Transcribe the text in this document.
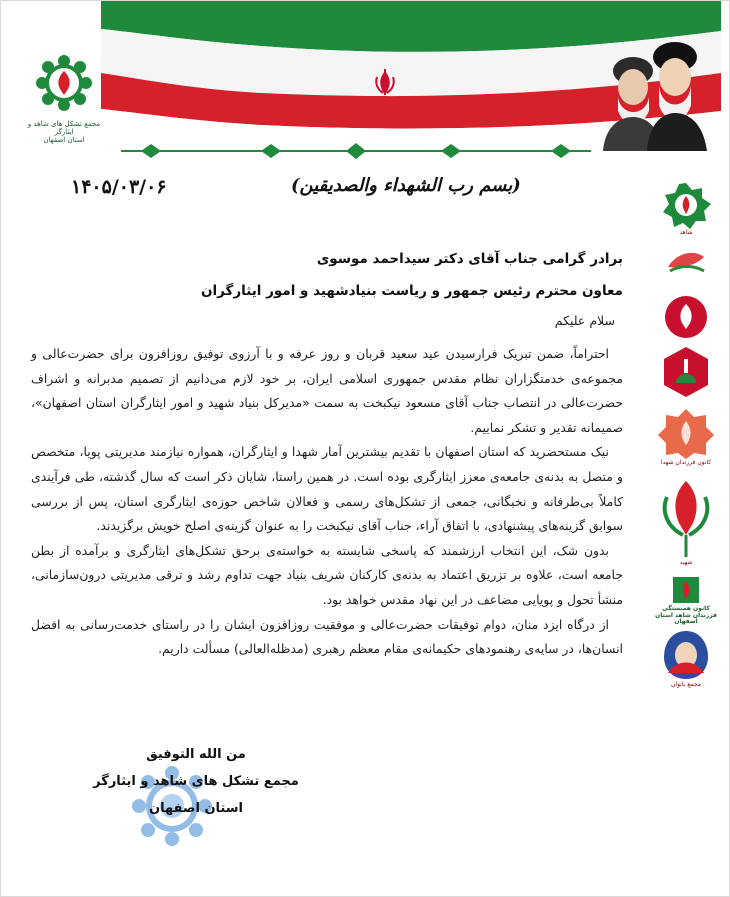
مجمع تشکل های شاهد و ایثارگر
استان اصفهان
۱۴۰۵/۰۳/۰۶	(بسم رب الشهداء والصدیقین)
شاهد
کانون فرزندان شهدا
شهید
کانون همبستگی فرزندان شاهد استان اصفهان
مجمع بانوان
برادر گرامی جناب آقای دکتر سیداحمد موسوی
معاون محترم رئیس جمهور و ریاست بنیادشهید و امور ایثارگران
سلام علیکم

احتراماً، ضمن تبریک فرارسیدن عید سعید قربان و روز عرفه و با آرزوی توفیق روزافزون برای حضرت‌عالی و مجموعه‌ی خدمتگزاران نظام مقدس جمهوری اسلامی ایران، بر خود لازم می‌دانیم از تصمیم مدبرانه و اشراف حضرت‌عالی در انتصاب جناب آقای مسعود نیکبخت به سمت «مدیرکل بنیاد شهید و امور ایثارگران استان اصفهان»، صمیمانه تقدیر و تشکر نماییم.

نیک مستحضرید که استان اصفهان با تقدیم بیشترین آمار شهدا و ایثارگران، همواره نیازمند مدیریتی پویا، متخصص و متصل به بدنه‌ی جامعه‌ی معزز ایثارگری بوده است. در همین راستا، شایان ذکر است که سال گذشته، طی فرآیندی کاملاً بی‌طرفانه و نخبگانی، جمعی از تشکل‌های رسمی و فعالان شاخص حوزه‌ی ایثارگری استان، پس از بررسی سوابق گزینه‌های پیشنهادی، با اتفاق آراء، جناب آقای نیکبخت را به عنوان گزینه‌ی اصلح خویش برگزیدند.

بدون شک، این انتخاب ارزشمند که پاسخی شایسته به خواسته‌ی برحق تشکل‌های ایثارگری و برآمده از بطن جامعه است، علاوه بر تزریق اعتماد به بدنه‌ی کارکنان شریف بنیاد جهت تداوم رشد و ترقی مدیریتی درون‌سازمانی، منشأ تحول و پویایی مضاعف در این نهاد مقدس خواهد بود.

از درگاه ایزد منان، دوام توفیقات حضرت‌عالی و موفقیت روزافزون ایشان را در راستای خدمت‌رسانی به افضل انسان‌ها، در سایه‌ی رهنمودهای حکیمانه‌ی مقام معظم رهبری (مدظله‌العالی) مسألت داریم.

من الله التوفیق
مجمع تشکل های شاهد و ایثارگر
استان اصفهان
